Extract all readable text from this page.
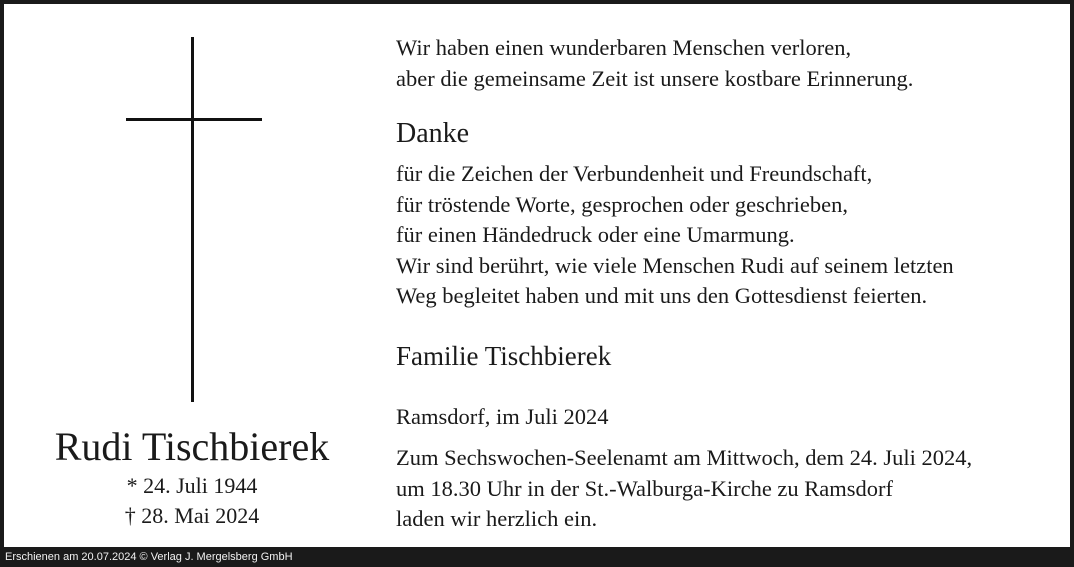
Rudi Tischbierek
* 24. Juli 1944
† 28. Mai 2024
Wir haben einen wunderbaren Menschen verloren,
aber die gemeinsame Zeit ist unsere kostbare Erinnerung.
Danke
für die Zeichen der Verbundenheit und Freundschaft,
für tröstende Worte, gesprochen oder geschrieben,
für einen Händedruck oder eine Umarmung.
Wir sind berührt, wie viele Menschen Rudi auf seinem letzten
Weg begleitet haben und mit uns den Gottesdienst feierten.
Familie Tischbierek
Ramsdorf, im Juli 2024
Zum Sechswochen-Seelenamt am Mittwoch, dem 24. Juli 2024,
um 18.30 Uhr in der St.-Walburga-Kirche zu Ramsdorf
laden wir herzlich ein.
Erschienen am 20.07.2024 © Verlag J. Mergelsberg GmbH
